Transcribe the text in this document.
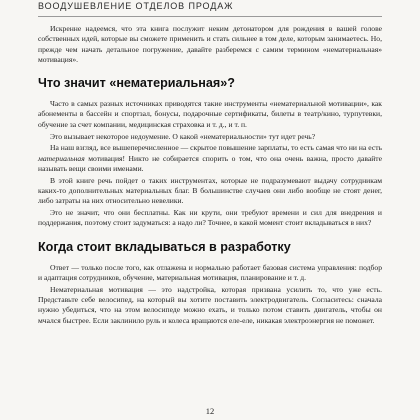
ВООДУШЕВЛЕНИЕ ОТДЕЛОВ ПРОДАЖ

Искренне надеемся, что эта книга послужит неким детонатором для рождения в вашей голове собственных идей, которые вы сможете применить и стать сильнее в том деле, которым занимаетесь. Но, прежде чем начать детальное погружение, давайте разберемся с самим термином «нематериальная» мотивация».

Что значит «нематериальная»?

Часто в самых разных источниках приводятся такие инструменты «нематериальной мотивации», как абонементы в бассейн и спортзал, бонусы, подарочные сертификаты, билеты в театр/кино, турпутевки, обучение за счет компании, медицинская страховка и т. д., и т. п.

Это вызывает некоторое недоумение. О какой «нематериальности» тут идет речь?

На наш взгляд, все вышеперечисленное — скрытое повышение зарплаты, то есть самая что ни на есть материальная мотивация! Никто не собирается спорить о том, что она очень важна, просто давайте называть вещи своими именами.

В этой книге речь пойдет о таких инструментах, которые не подразумевают выдачу сотрудникам каких-то дополнительных материальных благ. В большинстве случаев они либо вообще не стоят денег, либо затраты на них относительно невелики.

Это не значит, что они бесплатны. Как ни крути, они требуют времени и сил для внедрения и поддержания, поэтому стоит задуматься: а надо ли? Точнее, в какой момент стоит вкладываться в них?

Когда стоит вкладываться в разработку

Ответ — только после того, как отлажена и нормально работает базовая система управления: подбор и адаптация сотрудников, обучение, материальная мотивация, планирование и т. д.

Нематериальная мотивация — это надстройка, которая призвана усилить то, что уже есть. Представьте себе велосипед, на который вы хотите поставить электродвигатель. Согласитесь: сначала нужно убедиться, что на этом велосипеде можно ехать, и только потом ставить двигатель, чтобы он мчался быстрее. Если заклинило руль и колеса вращаются еле-еле, никакая электроэнергия не поможет.

12
